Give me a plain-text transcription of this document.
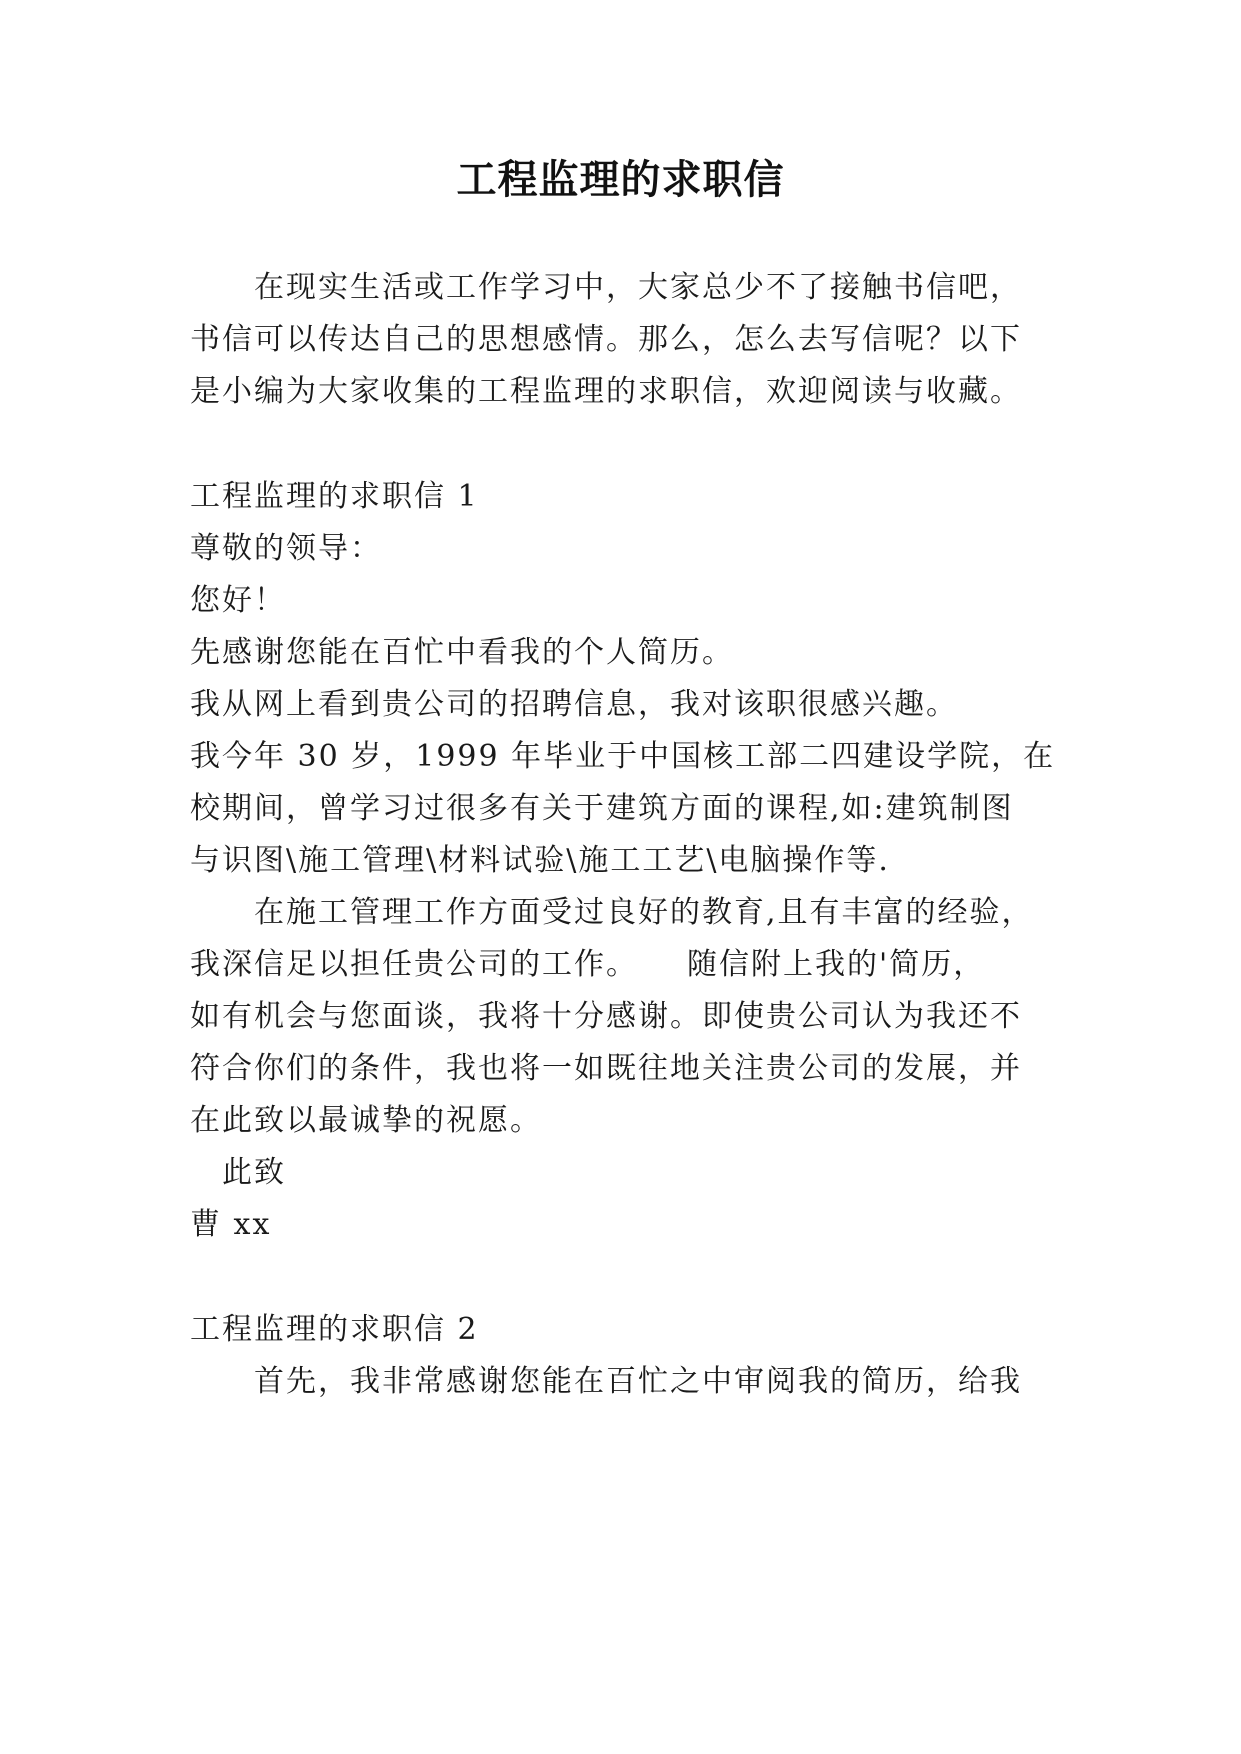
工程监理的求职信
　　在现实生活或工作学习中，大家总少不了接触书信吧，
书信可以传达自己的思想感情。那么，怎么去写信呢？以下
是小编为大家收集的工程监理的求职信，欢迎阅读与收藏。
工程监理的求职信 1
尊敬的领导：
您好！
先感谢您能在百忙中看我的个人简历。
我从网上看到贵公司的招聘信息，我对该职很感兴趣。
我今年 30 岁，1999 年毕业于中国核工部二四建设学院，在
校期间，曾学习过很多有关于建筑方面的课程,如:建筑制图
与识图\施工管理\材料试验\施工工艺\电脑操作等.
　　在施工管理工作方面受过良好的教育,且有丰富的经验，
我深信足以担任贵公司的工作。　　随信附上我的'简历，
如有机会与您面谈，我将十分感谢。即使贵公司认为我还不
符合你们的条件，我也将一如既往地关注贵公司的发展，并
在此致以最诚挚的祝愿。
　此致
曹 xx
工程监理的求职信 2
　　首先，我非常感谢您能在百忙之中审阅我的简历，给我
